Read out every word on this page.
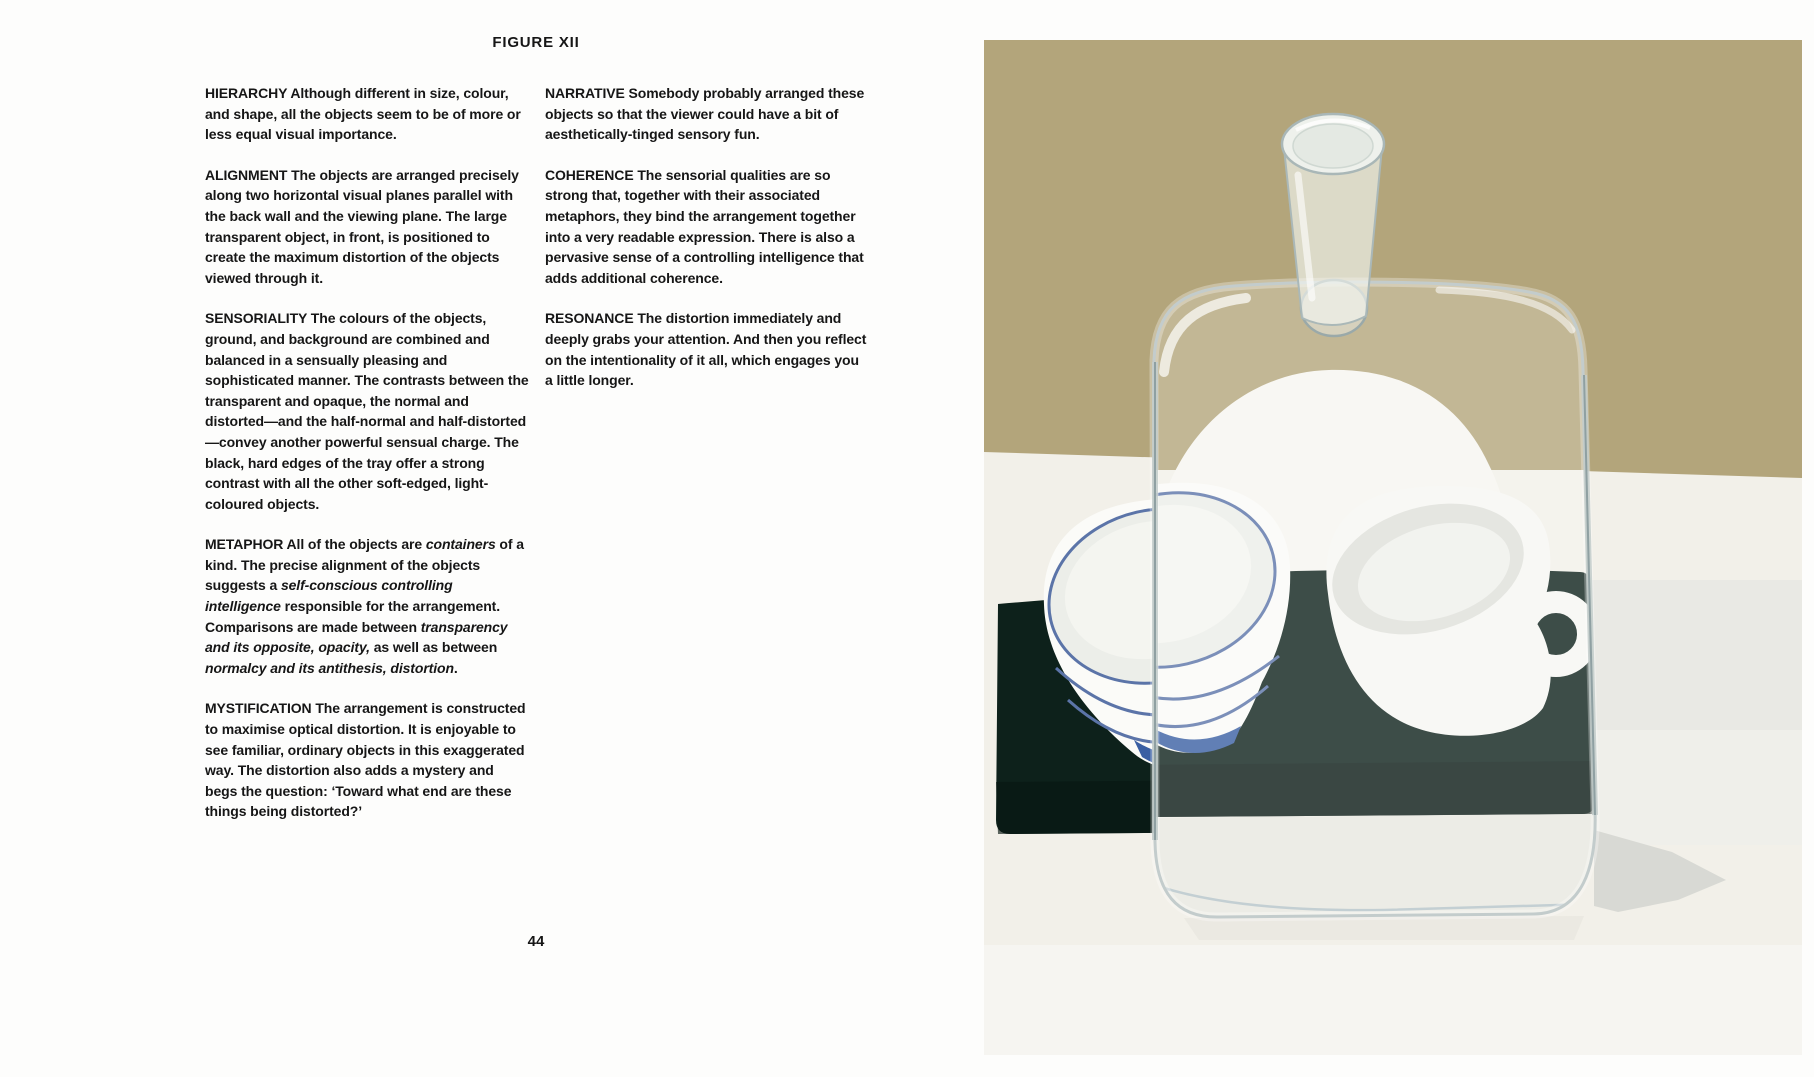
FIGURE XII

HIERARCHY Although different in size, colour, and shape, all the objects seem to be of more or less equal visual importance.

ALIGNMENT The objects are arranged precisely along two horizontal visual planes parallel with the back wall and the viewing plane. The large transparent object, in front, is positioned to create the maximum distortion of the objects viewed through it.

SENSORIALITY The colours of the objects, ground, and background are combined and balanced in a sensually pleasing and sophisticated manner. The contrasts between the transparent and opaque, the normal and distorted—and the half-normal and half-distorted—convey another powerful sensual charge. The black, hard edges of the tray offer a strong contrast with all the other soft-edged, light-coloured objects.

METAPHOR All of the objects are containers of a kind. The precise alignment of the objects suggests a self-conscious controlling intelligence responsible for the arrangement. Comparisons are made between transparency and its opposite, opacity, as well as between normalcy and its antithesis, distortion.

MYSTIFICATION The arrangement is constructed to maximise optical distortion. It is enjoyable to see familiar, ordinary objects in this exaggerated way. The distortion also adds a mystery and begs the question: ‘Toward what end are these things being distorted?’

NARRATIVE Somebody probably arranged these objects so that the viewer could have a bit of aesthetically-tinged sensory fun.

COHERENCE The sensorial qualities are so strong that, together with their associated metaphors, they bind the arrangement together into a very readable expression. There is also a pervasive sense of a controlling intelligence that adds additional coherence.

RESONANCE The distortion immediately and deeply grabs your attention. And then you reflect on the intentionality of it all, which engages you a little longer.

44
